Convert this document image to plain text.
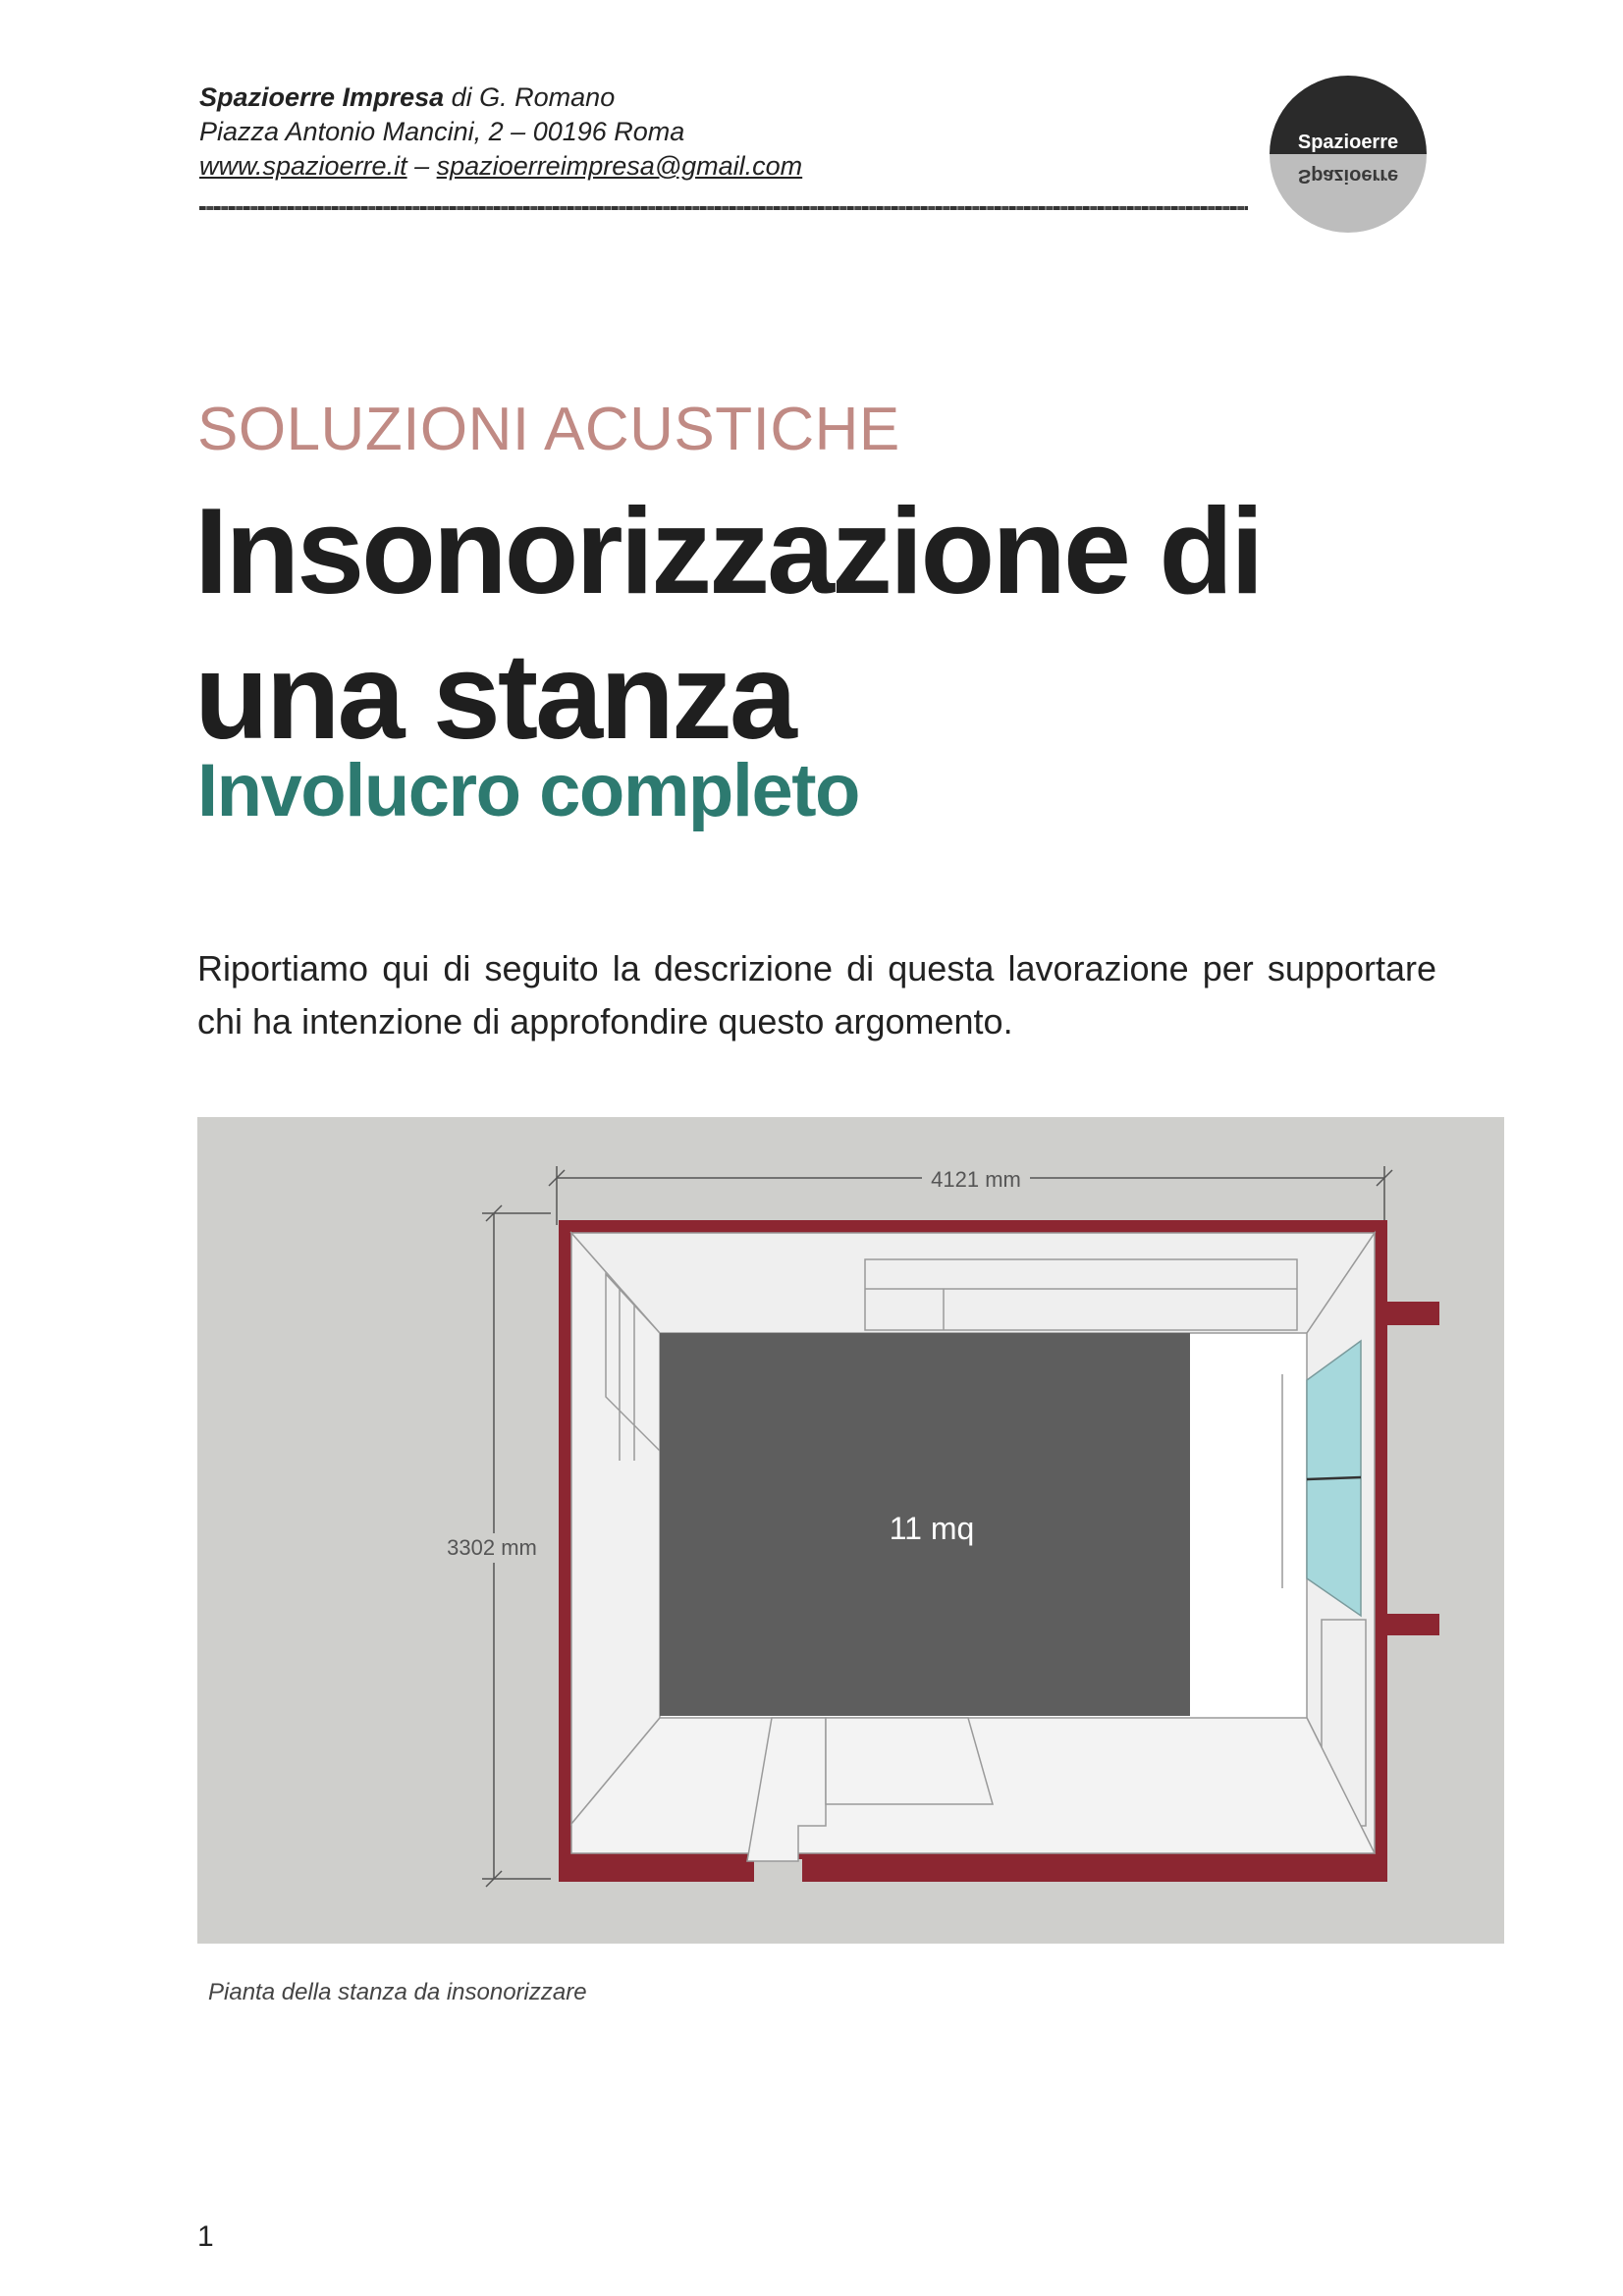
Spazioerre Impresa di G. Romano
Piazza Antonio Mancini, 2 – 00196 Roma
www.spazioerre.it – spazioerreimpresa@gmail.com
Spazioerre
Spazioerre
SOLUZIONI ACUSTICHE
Insonorizzazione di
una stanza
Involucro completo
Riportiamo qui di seguito la descrizione di questa lavorazione per supportare chi ha intenzione di approfondire questo argomento.
4121 mm
3302 mm
11 mq
Pianta della stanza da insonorizzare
1
